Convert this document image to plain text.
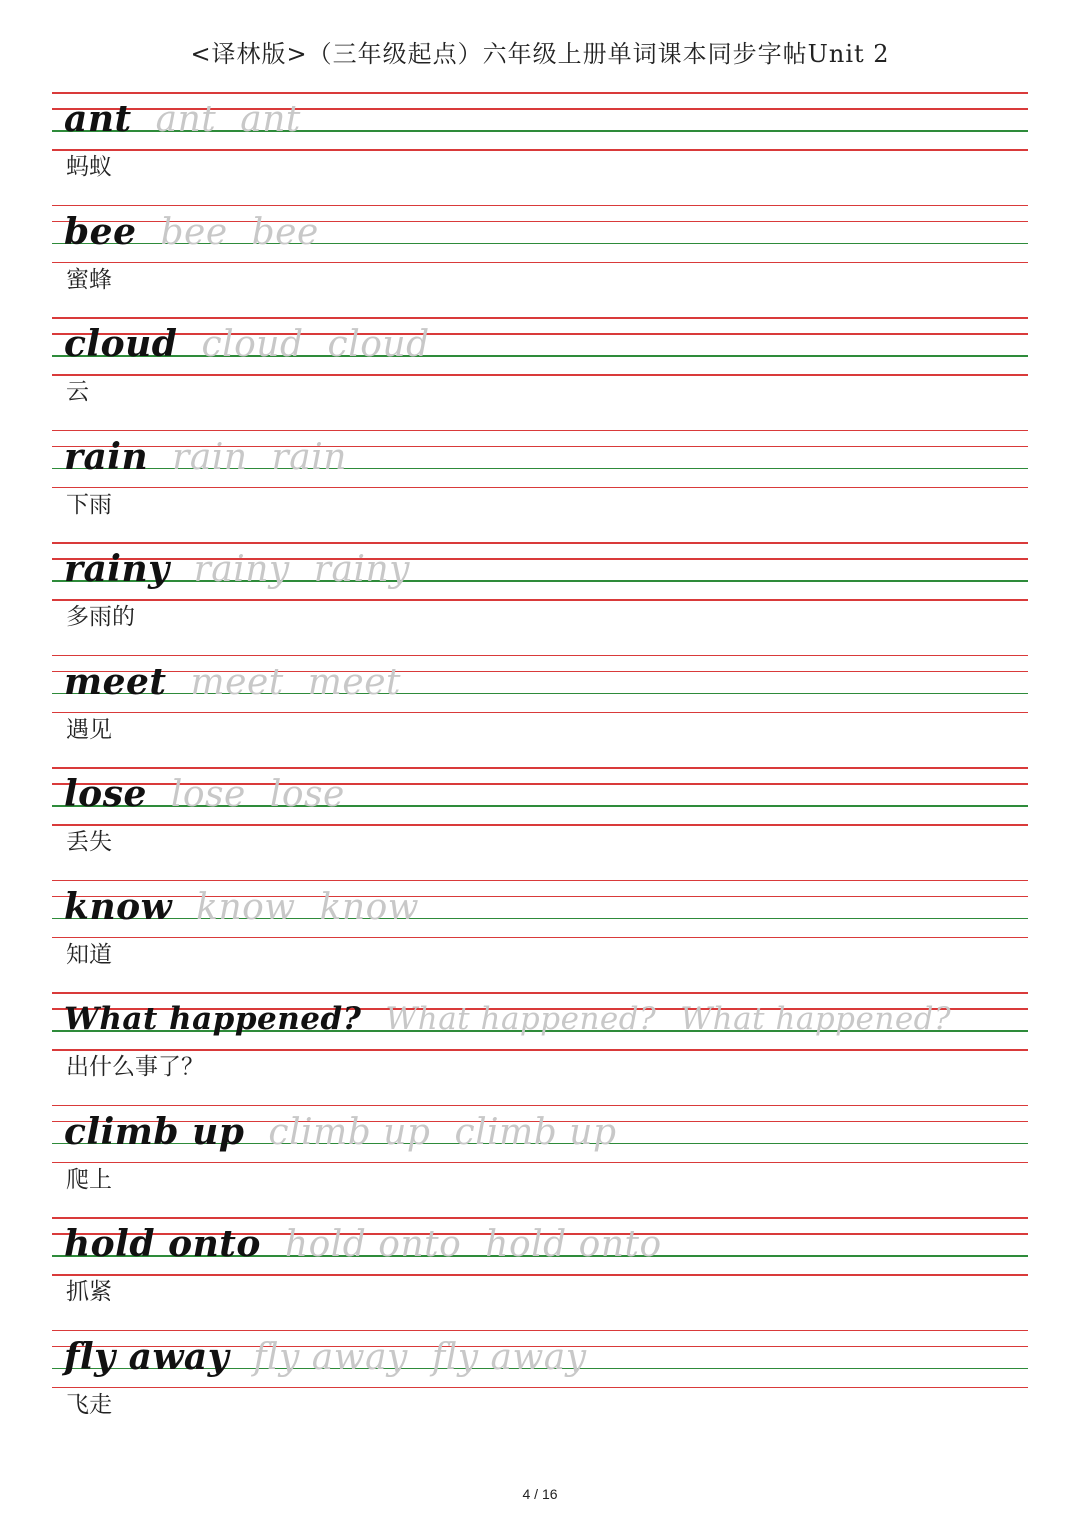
<译林版>（三年级起点）六年级上册单词课本同步字帖Unit 2
ant ant ant
蚂蚁
bee bee bee
蜜蜂
cloud cloud cloud
云
rain rain rain
下雨
rainy rainy rainy
多雨的
meet meet meet
遇见
lose lose lose
丢失
know know know
知道
What happened? What happened? What happened?
出什么事了？
climb up climb up climb up
爬上
hold onto hold onto hold onto
抓紧
fly away fly away fly away
飞走
4 / 16
